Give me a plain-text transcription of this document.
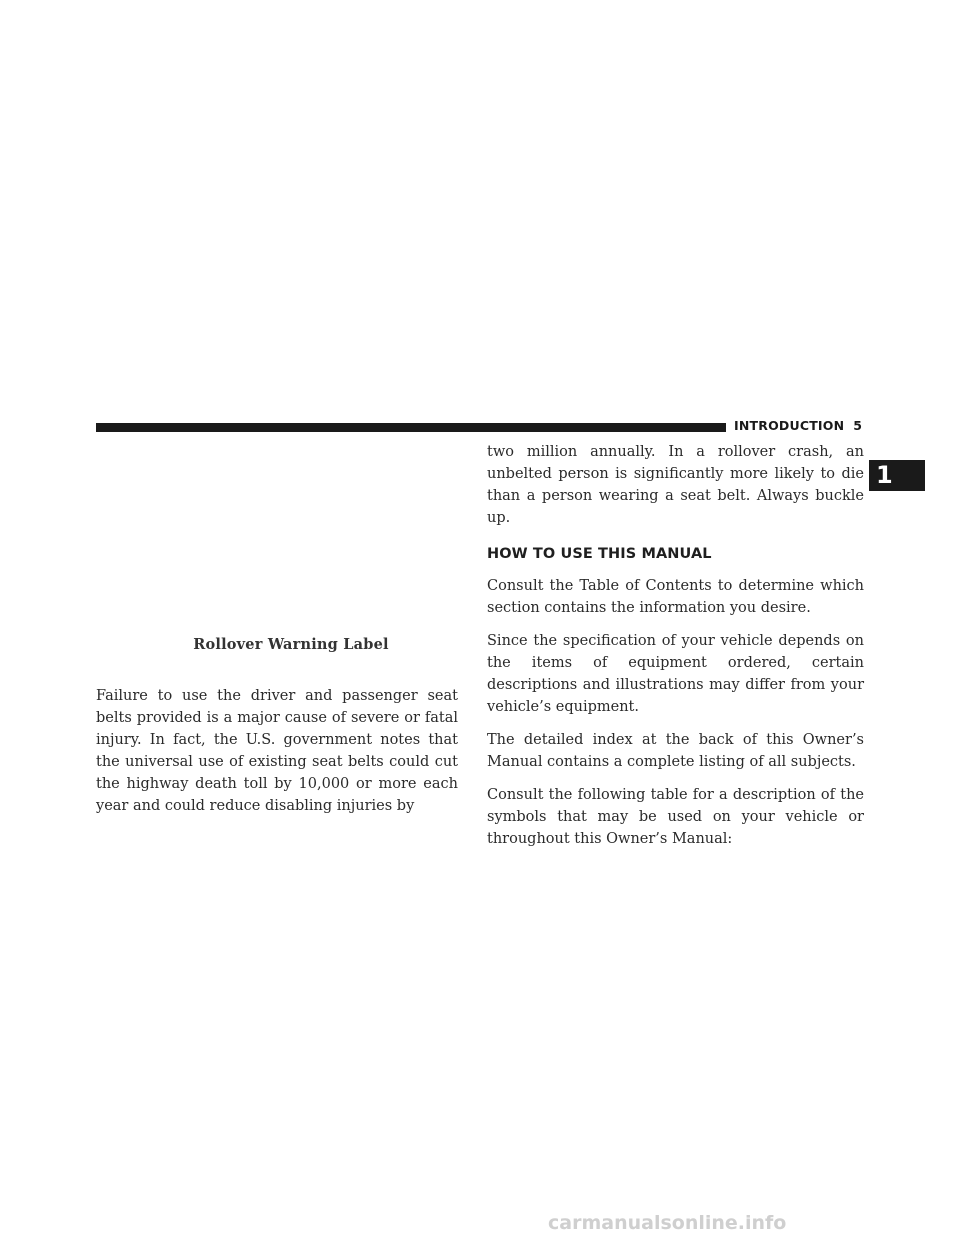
INTRODUCTION 5
1
Rollover Warning Label

Failure to use the driver and passenger seat belts provided is a major cause of severe or fatal injury. In fact, the U.S. government notes that the universal use of existing seat belts could cut the highway death toll by 10,000 or more each year and could reduce disabling injuries by

two million annually. In a rollover crash, an unbelted person is significantly more likely to die than a person wearing a seat belt. Always buckle up.

HOW TO USE THIS MANUAL

Consult the Table of Contents to determine which section contains the information you desire.

Since the specification of your vehicle depends on the items of equipment ordered, certain descriptions and illustrations may differ from your vehicle’s equipment.

The detailed index at the back of this Owner’s Manual contains a complete listing of all subjects.

Consult the following table for a description of the symbols that may be used on your vehicle or throughout this Owner’s Manual:

carmanualsonline.info
